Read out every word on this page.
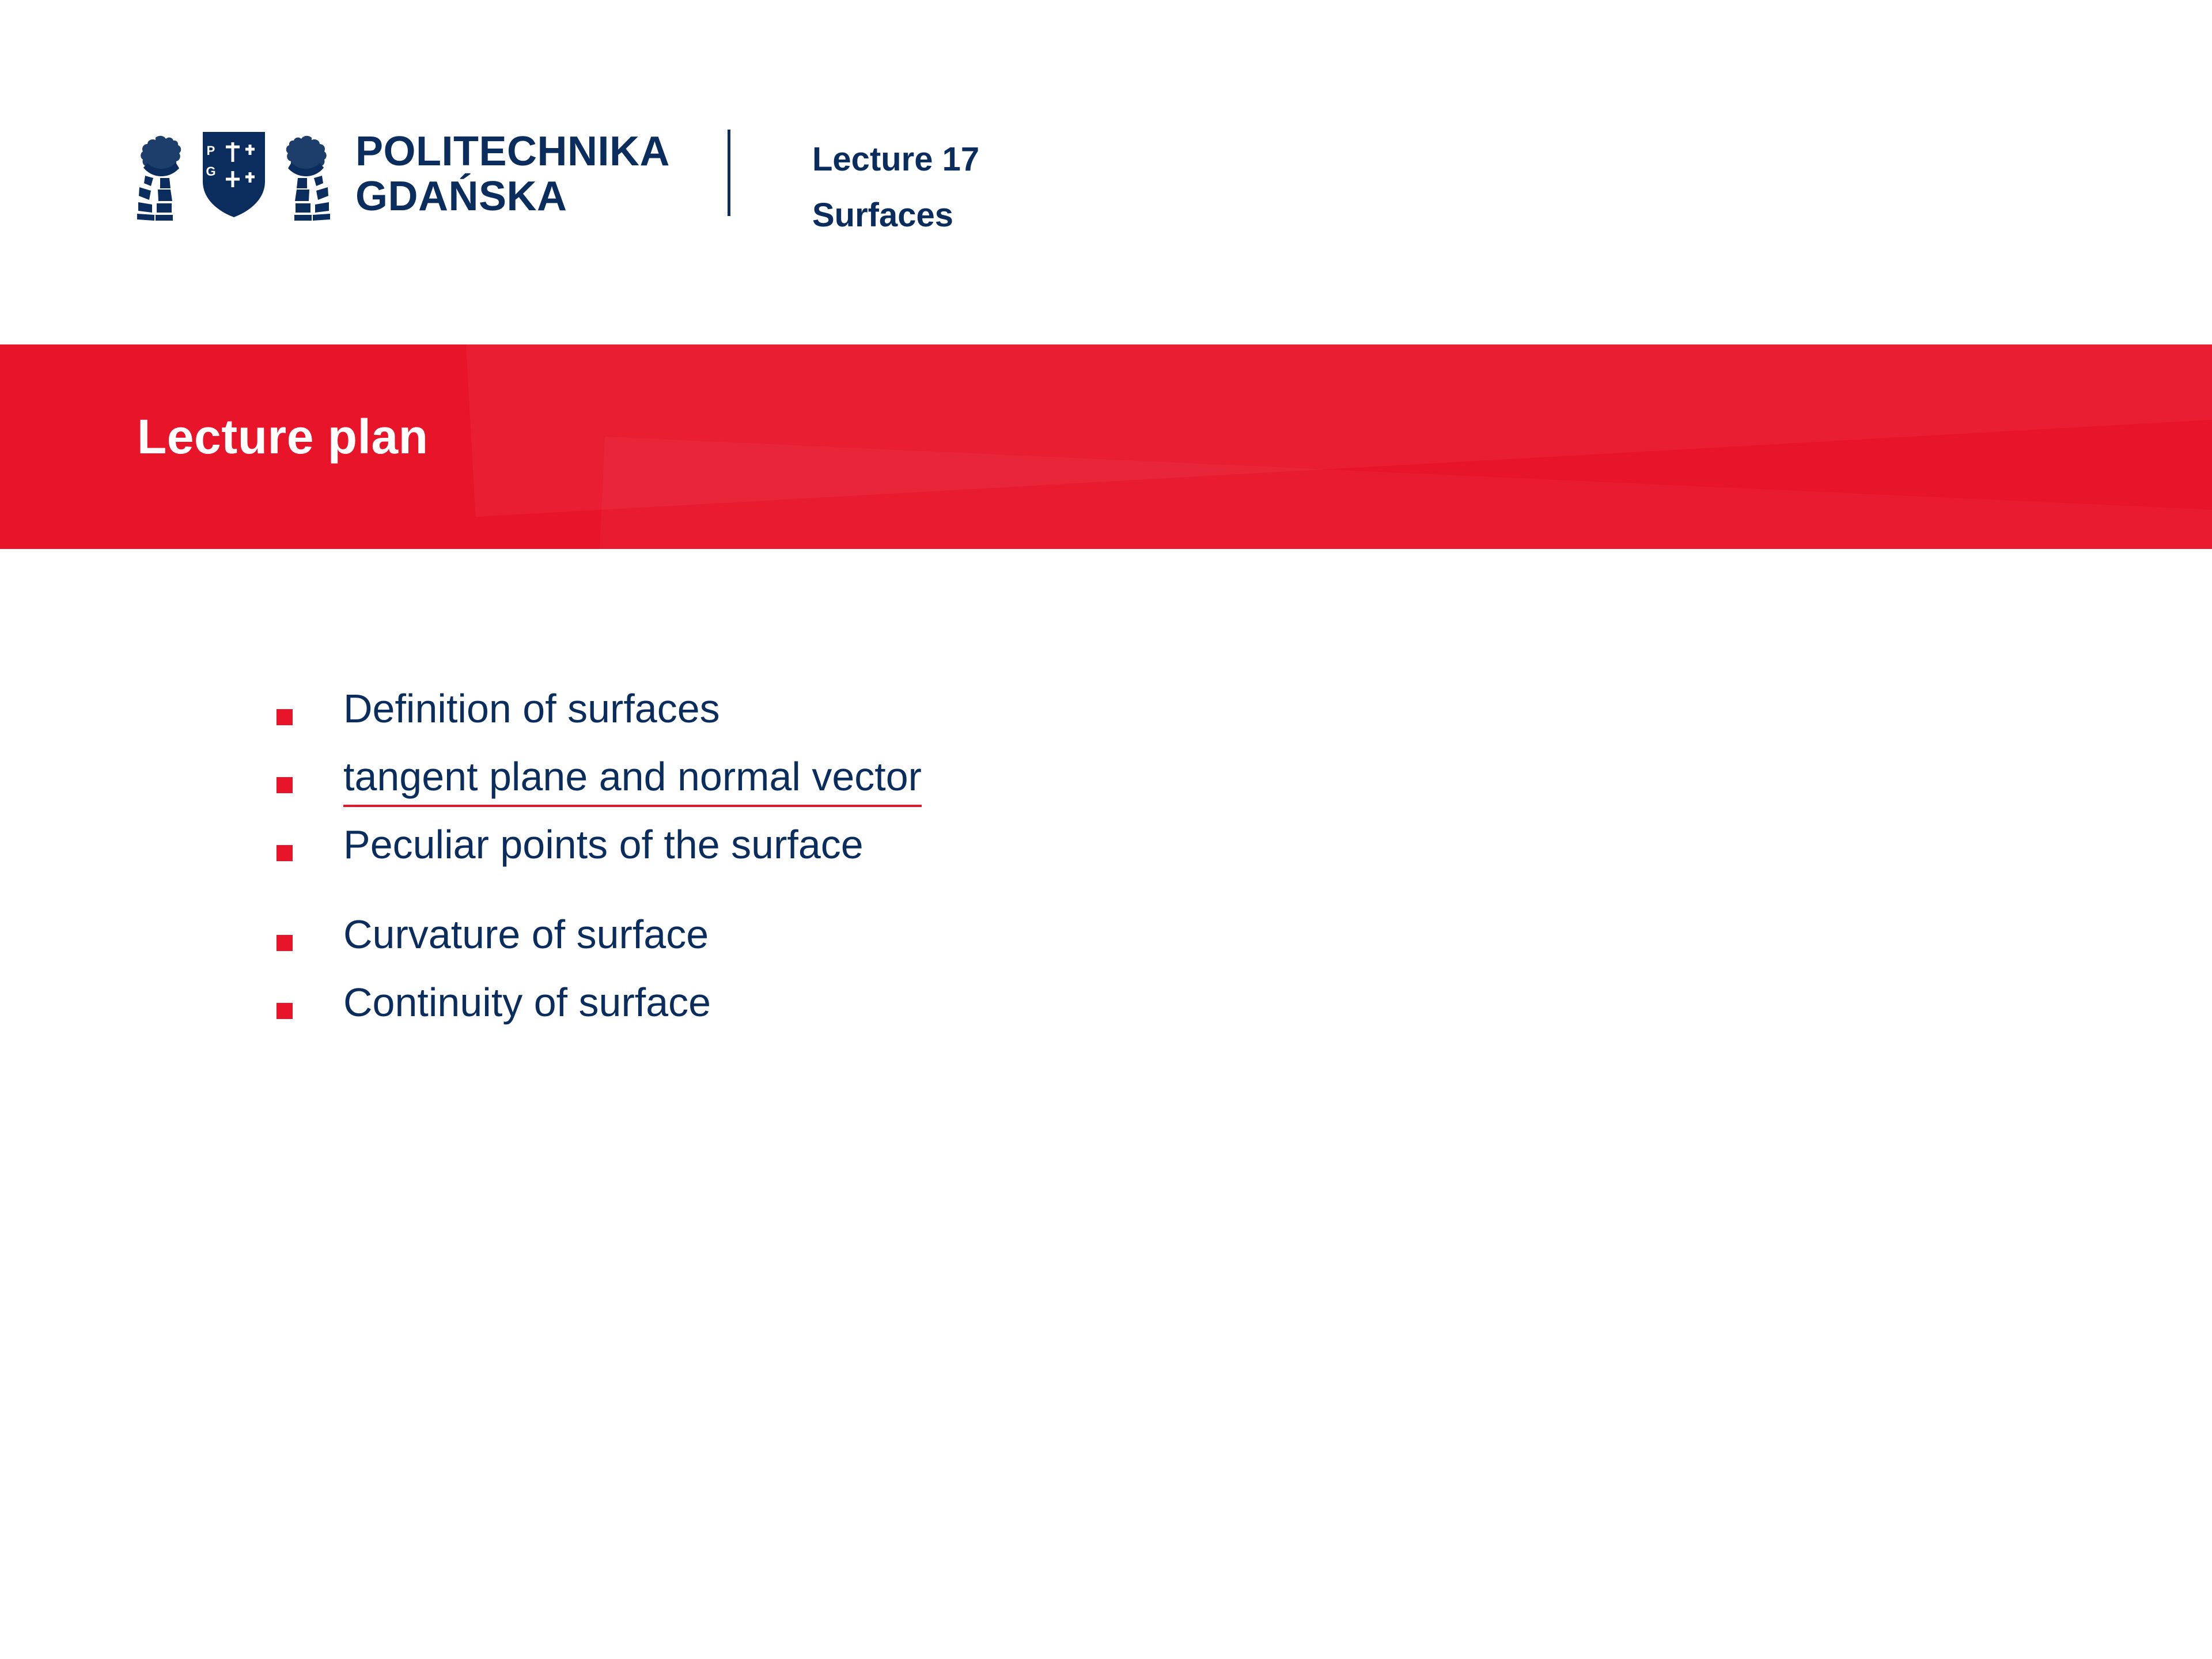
P
G	POLITECHNIKA
GDAŃSKA
Lecture 17
Surfaces
Lecture plan
Definition of surfaces
tangent plane and normal vector
Peculiar points of the surface
Curvature of surface
Continuity of surface
